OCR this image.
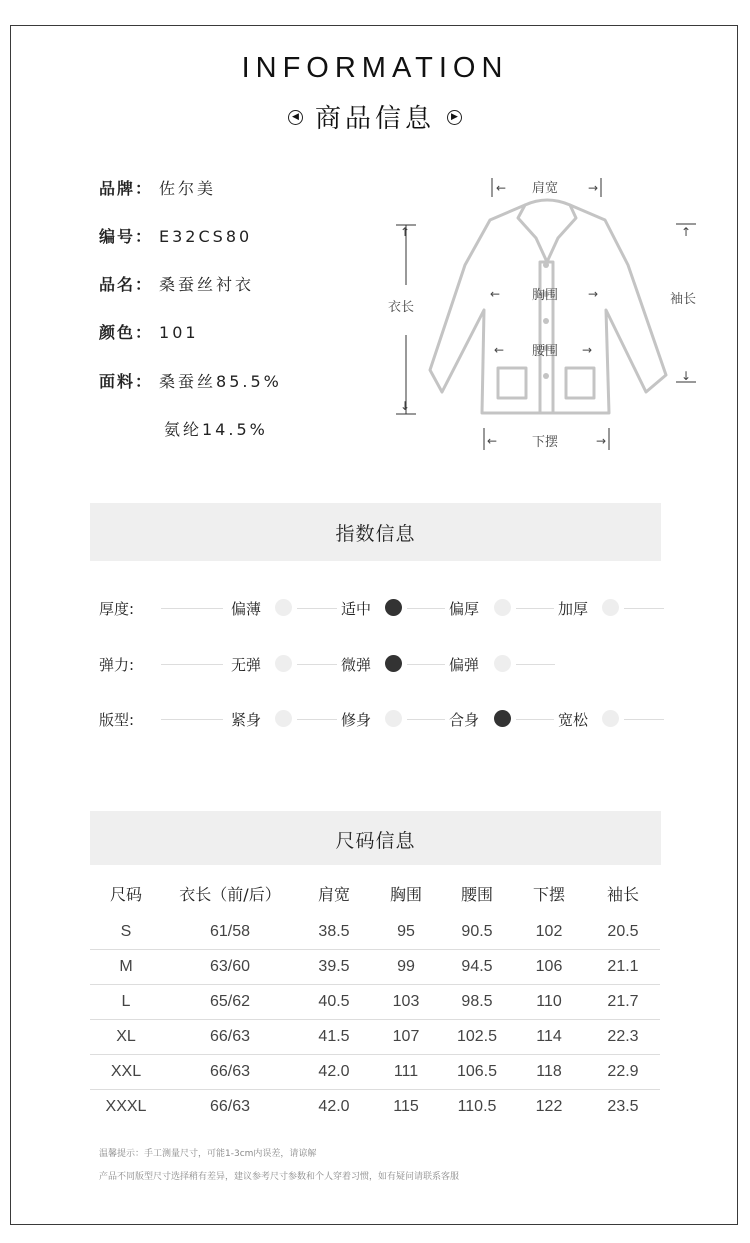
INFORMATION
◀ 商品信息 ▶
品牌： 佐尔美
编号： E32CS80
品名： 桑蚕丝衬衣
颜色： 101
面料： 桑蚕丝85.5%
氨纶14.5%
←	→
↑
↓
←	→
←	→
←	→
↑
↓
肩宽
衣长
胸围
腰围
下摆
袖长
指数信息
厚度:	偏薄	适中	偏厚	加厚
弹力:	无弹	微弹	偏弹
版型:	紧身	修身	合身	宽松
尺码信息
尺码	衣长（前/后）	肩宽	胸围	腰围	下摆	袖长
S	61/58	38.5	95	90.5	102	20.5
M	63/60	39.5	99	94.5	106	21.1
L	65/62	40.5	103	98.5	110	21.7
XL	66/63	41.5	107	102.5	114	22.3
XXL	66/63	42.0	111	106.5	118	22.9
XXXL	66/63	42.0	115	110.5	122	23.5
温馨提示：手工测量尺寸，可能1-3cm内误差，请谅解
产品不同版型尺寸选择稍有差异，建议参考尺寸参数和个人穿着习惯，如有疑问请联系客服
